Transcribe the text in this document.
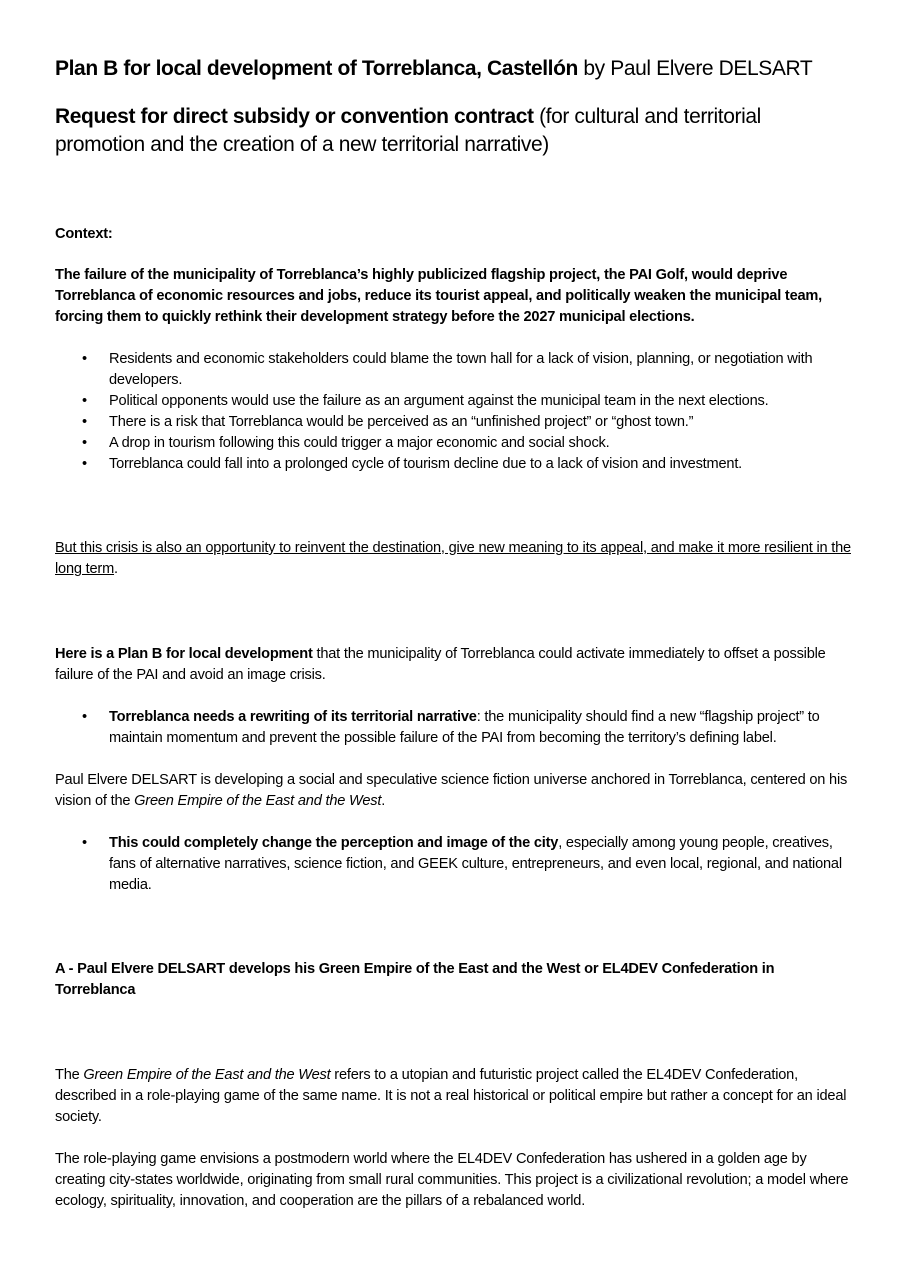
Plan B for local development of Torreblanca, Castellón by Paul Elvere DELSART
Request for direct subsidy or convention contract (for cultural and territorial promotion and the creation of a new territorial narrative)
Context:
The failure of the municipality of Torreblanca’s highly publicized flagship project, the PAI Golf, would deprive Torreblanca of economic resources and jobs, reduce its tourist appeal, and politically weaken the municipal team, forcing them to quickly rethink their development strategy before the 2027 municipal elections.
• Residents and economic stakeholders could blame the town hall for a lack of vision, planning, or negotiation with developers.
• Political opponents would use the failure as an argument against the municipal team in the next elections.
• There is a risk that Torreblanca would be perceived as an “unfinished project” or “ghost town.”
• A drop in tourism following this could trigger a major economic and social shock.
• Torreblanca could fall into a prolonged cycle of tourism decline due to a lack of vision and investment.
But this crisis is also an opportunity to reinvent the destination, give new meaning to its appeal, and make it more resilient in the long term.
Here is a Plan B for local development that the municipality of Torreblanca could activate immediately to offset a possible failure of the PAI and avoid an image crisis.
• Torreblanca needs a rewriting of its territorial narrative: the municipality should find a new “flagship project” to maintain momentum and prevent the possible failure of the PAI from becoming the territory’s defining label.
Paul Elvere DELSART is developing a social and speculative science fiction universe anchored in Torreblanca, centered on his vision of the Green Empire of the East and the West.
• This could completely change the perception and image of the city, especially among young people, creatives, fans of alternative narratives, science fiction, and GEEK culture, entrepreneurs, and even local, regional, and national media.
A - Paul Elvere DELSART develops his Green Empire of the East and the West or EL4DEV Confederation in Torreblanca
The Green Empire of the East and the West refers to a utopian and futuristic project called the EL4DEV Confederation, described in a role-playing game of the same name. It is not a real historical or political empire but rather a concept for an ideal society.
The role-playing game envisions a postmodern world where the EL4DEV Confederation has ushered in a golden age by creating city-states worldwide, originating from small rural communities. This project is a civilizational revolution; a model where ecology, spirituality, innovation, and cooperation are the pillars of a rebalanced world.
